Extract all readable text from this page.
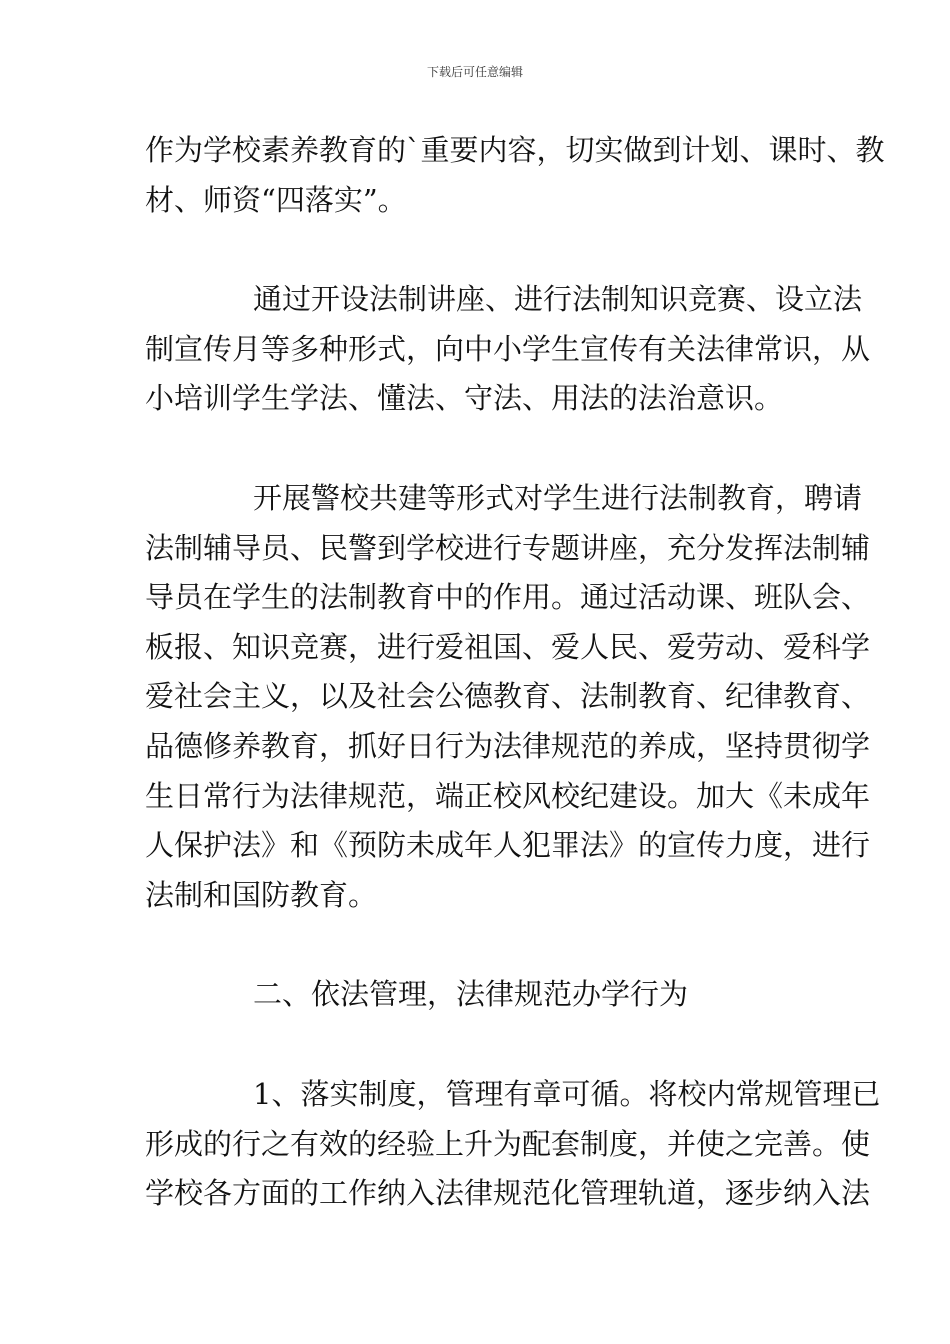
下载后可任意编辑
作为学校素养教育的`重要内容，切实做到计划、课时、教
材、师资“四落实”。
通过开设法制讲座、进行法制知识竞赛、设立法
制宣传月等多种形式，向中小学生宣传有关法律常识，从
小培训学生学法、懂法、守法、用法的法治意识。
开展警校共建等形式对学生进行法制教育，聘请
法制辅导员、民警到学校进行专题讲座，充分发挥法制辅
导员在学生的法制教育中的作用。通过活动课、班队会、
板报、知识竞赛，进行爱祖国、爱人民、爱劳动、爱科学
爱社会主义，以及社会公德教育、法制教育、纪律教育、
品德修养教育，抓好日行为法律规范的养成，坚持贯彻学
生日常行为法律规范，端正校风校纪建设。加大《未成年
人保护法》和《预防未成年人犯罪法》的宣传力度，进行
法制和国防教育。
二、依法管理，法律规范办学行为
1、落实制度，管理有章可循。将校内常规管理已
形成的行之有效的经验上升为配套制度，并使之完善。使
学校各方面的工作纳入法律规范化管理轨道，逐步纳入法
